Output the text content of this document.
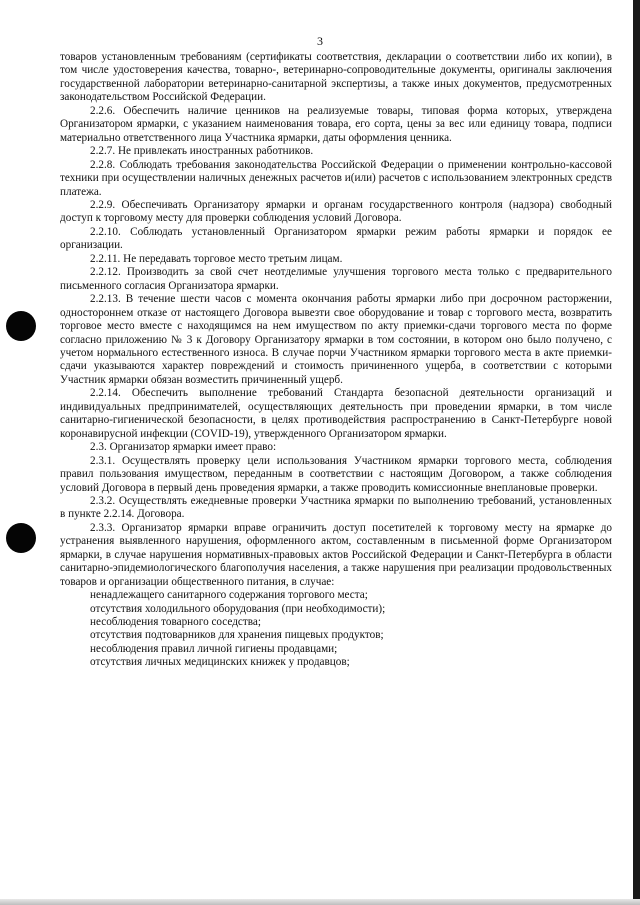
3

товаров установленным требованиям (сертификаты соответствия, декларации о соответствии либо их копии), в том числе удостоверения качества, товарно-, ветеринарно-сопроводительные документы, оригиналы заключения государственной лаборатории ветеринарно-санитарной экспертизы, а также иных документов, предусмотренных законодательством Российской Федерации.

2.2.6. Обеспечить наличие ценников на реализуемые товары, типовая форма которых, утверждена Организатором ярмарки, с указанием наименования товара, его сорта, цены за вес или единицу товара, подписи материально ответственного лица Участника ярмарки, даты оформления ценника.

2.2.7. Не привлекать иностранных работников.

2.2.8. Соблюдать требования законодательства Российской Федерации о применении контрольно-кассовой техники при осуществлении наличных денежных расчетов и(или) расчетов с использованием электронных средств платежа.

2.2.9. Обеспечивать Организатору ярмарки и органам государственного контроля (надзора) свободный доступ к торговому месту для проверки соблюдения условий Договора.

2.2.10. Соблюдать установленный Организатором ярмарки режим работы ярмарки и порядок ее организации.

2.2.11. Не передавать торговое место третьим лицам.

2.2.12. Производить за свой счет неотделимые улучшения торгового места только с предварительного письменного согласия Организатора ярмарки.

2.2.13. В течение шести часов с момента окончания работы ярмарки либо при досрочном расторжении, одностороннем отказе от настоящего Договора вывезти свое оборудование и товар с торгового места, возвратить торговое место вместе с находящимся на нем имуществом по акту приемки-сдачи торгового места по форме согласно приложению № 3 к Договору Организатору ярмарки в том состоянии, в котором оно было получено, с учетом нормального естественного износа. В случае порчи Участником ярмарки торгового места в акте приемки-сдачи указываются характер повреждений и стоимость причиненного ущерба, в соответствии с которыми Участник ярмарки обязан возместить причиненный ущерб.

2.2.14. Обеспечить выполнение требований Стандарта безопасной деятельности организаций и индивидуальных предпринимателей, осуществляющих деятельность при проведении ярмарки, в том числе санитарно-гигиенической безопасности, в целях противодействия распространению в Санкт-Петербурге новой коронавирусной инфекции (COVID-19), утвержденного Организатором ярмарки.

2.3. Организатор ярмарки имеет право:

2.3.1. Осуществлять проверку цели использования Участником ярмарки торгового места, соблюдения правил пользования имуществом, переданным в соответствии с настоящим Договором, а также соблюдения условий Договора в первый день проведения ярмарки, а также проводить комиссионные внеплановые проверки.

2.3.2. Осуществлять ежедневные проверки Участника ярмарки по выполнению требований, установленных в пункте 2.2.14. Договора.

2.3.3. Организатор ярмарки вправе ограничить доступ посетителей к торговому месту на ярмарке до устранения выявленного нарушения, оформленного актом, составленным в письменной форме Организатором ярмарки, в случае нарушения нормативных-правовых актов Российской Федерации и Санкт-Петербурга в области санитарно-эпидемиологического благополучия населения, а также нарушения при реализации продовольственных товаров и организации общественного питания, в случае:

ненадлежащего санитарного содержания торгового места;

отсутствия холодильного оборудования (при необходимости);

несоблюдения товарного соседства;

отсутствия подтоварников для хранения пищевых продуктов;

несоблюдения правил личной гигиены продавцами;

отсутствия личных медицинских книжек у продавцов;
